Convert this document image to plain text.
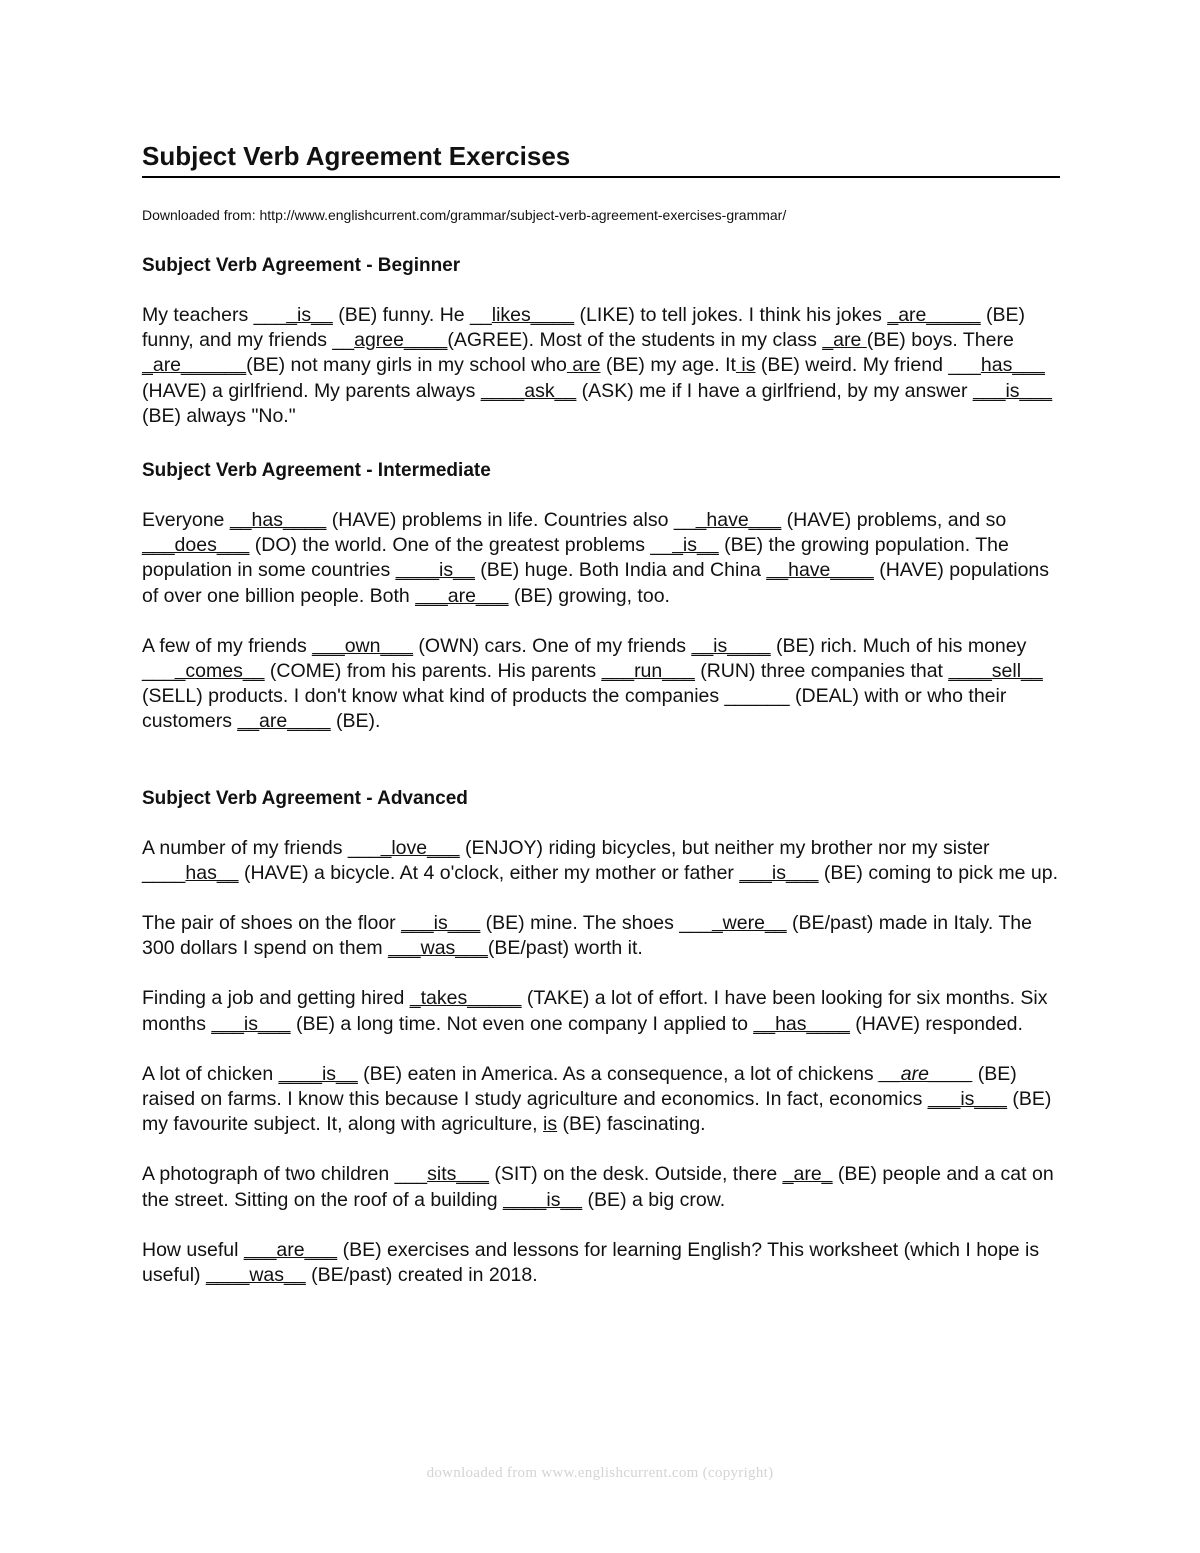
Subject Verb Agreement Exercises
Downloaded from: http://www.englishcurrent.com/grammar/subject-verb-agreement-exercises-grammar/
Subject Verb Agreement - Beginner

My teachers ____is__ (BE) funny. He __likes____ (LIKE) to tell jokes. I think his jokes _are_____ (BE) funny, and my friends __agree____(AGREE). Most of the students in my class _are (BE) boys. There _are______(BE) not many girls in my school who are (BE) my age. It is (BE) weird. My friend ___has___ (HAVE) a girlfriend. My parents always ____ask__ (ASK) me if I have a girlfriend, by my answer ___is___ (BE) always "No."

Subject Verb Agreement - Intermediate

Everyone __has____ (HAVE) problems in life. Countries also ___have___ (HAVE) problems, and so ___does___ (DO) the world. One of the greatest problems ___is__ (BE) the growing population. The population in some countries ____is__ (BE) huge. Both India and China __have____ (HAVE) populations of over one billion people. Both ___are___ (BE) growing, too.

A few of my friends ___own___ (OWN) cars. One of my friends __is____ (BE) rich. Much of his money ____comes__ (COME) from his parents. His parents ___run___ (RUN) three companies that ____sell__ (SELL) products. I don't know what kind of products the companies ______ (DEAL) with or who their customers __are____ (BE).

Subject Verb Agreement - Advanced

A number of my friends ____love___ (ENJOY) riding bicycles, but neither my brother nor my sister ____has__ (HAVE) a bicycle. At 4 o'clock, either my mother or father ___is___ (BE) coming to pick me up.

The pair of shoes on the floor ___is___ (BE) mine. The shoes ____were__ (BE/past) made in Italy. The 300 dollars I spend on them ___was___(BE/past) worth it.

Finding a job and getting hired _takes_____ (TAKE) a lot of effort. I have been looking for six months. Six months ___is___ (BE) a long time. Not even one company I applied to __has____ (HAVE) responded.

A lot of chicken ____is__ (BE) eaten in America. As a consequence, a lot of chickens __are____ (BE) raised on farms. I know this because I study agriculture and economics. In fact, economics ___is___ (BE) my favourite subject. It, along with agriculture, is (BE) fascinating.

A photograph of two children ___sits___ (SIT) on the desk. Outside, there _are_ (BE) people and a cat on the street. Sitting on the roof of a building ____is__ (BE) a big crow.

How useful ___are___ (BE) exercises and lessons for learning English? This worksheet (which I hope is useful) ____was__ (BE/past) created in 2018.

downloaded from www.englishcurrent.com (copyright)
